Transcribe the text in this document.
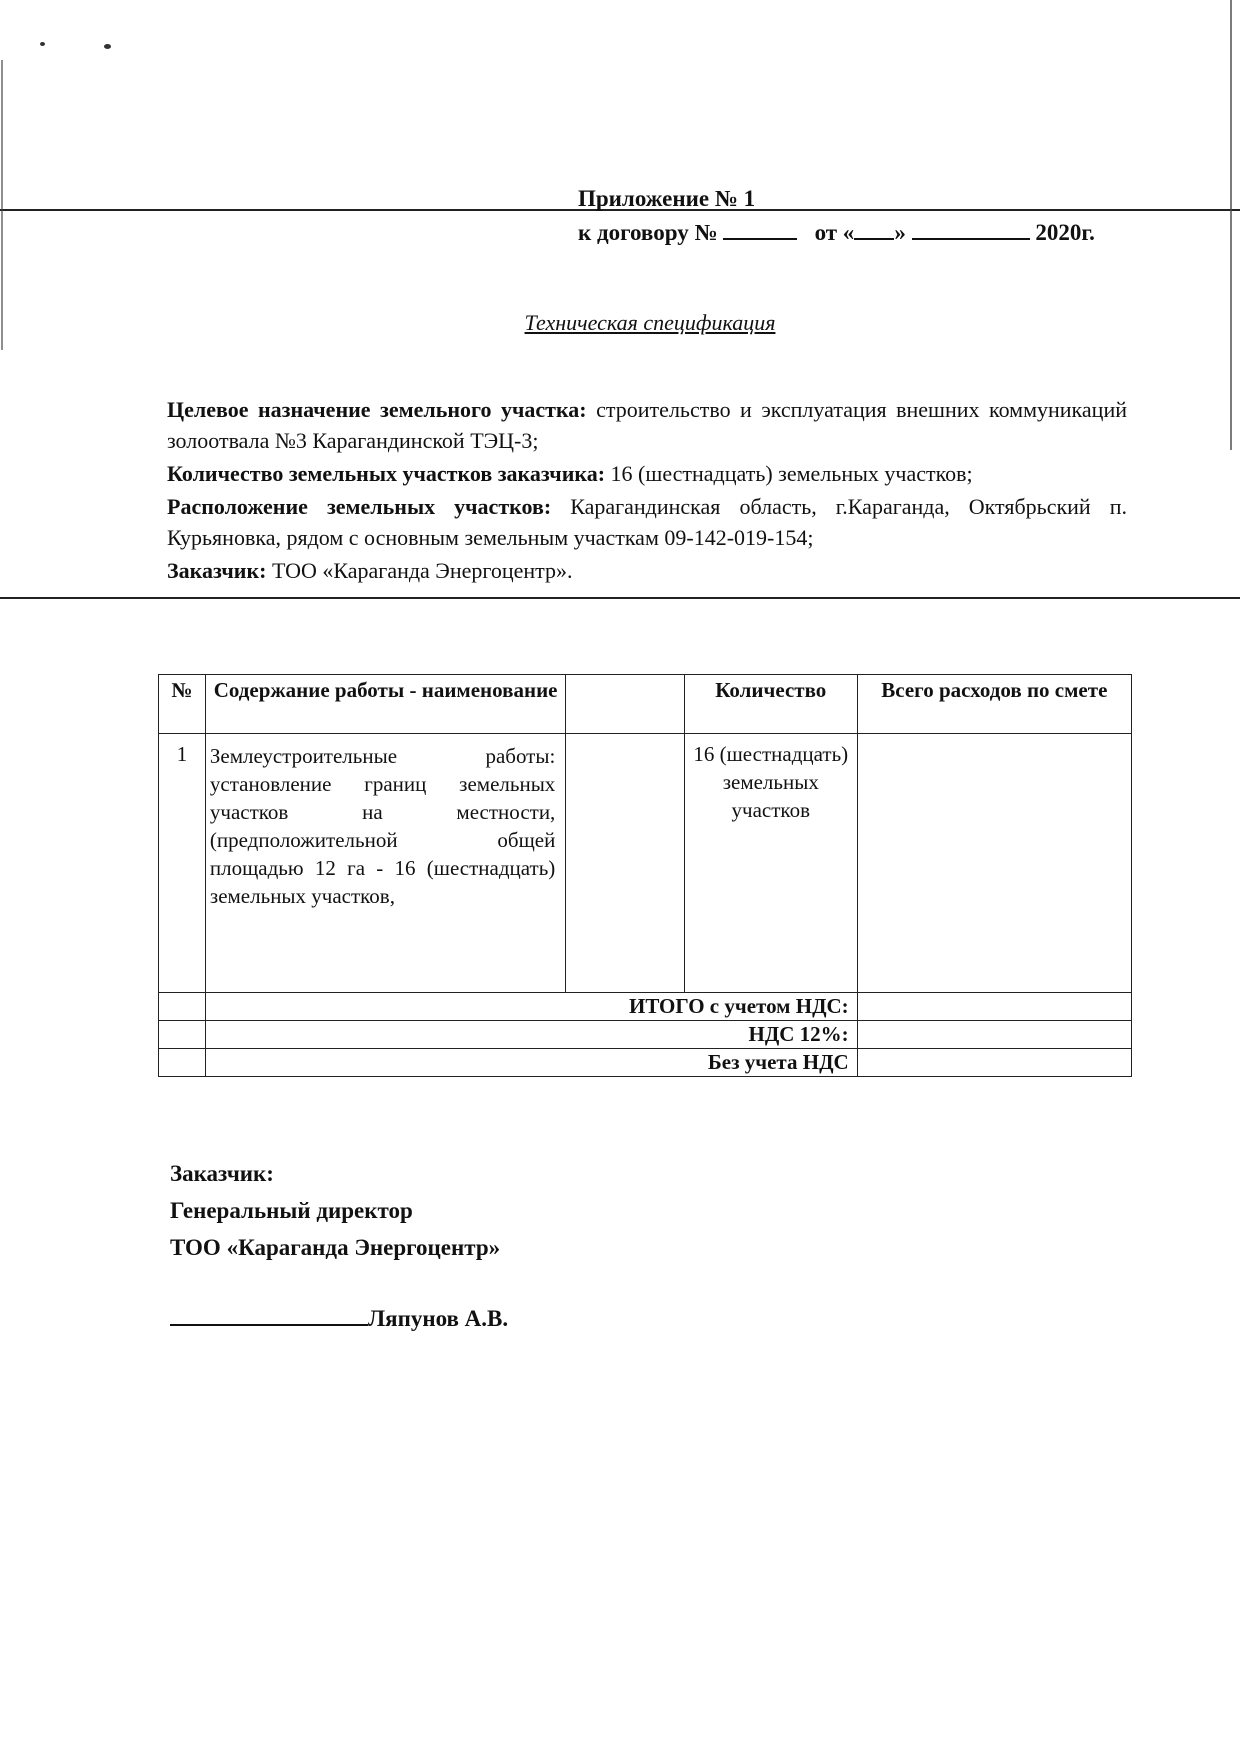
Приложение № 1
к договору №	от « »	2020г.
Техническая спецификация

Целевое назначение земельного участка: строительство и эксплуатация внешних коммуникаций золоотвала №3 Карагандинской ТЭЦ-3;

Количество земельных участков заказчика: 16 (шестнадцать) земельных участков;

Расположение земельных участков: Карагандинская область, г.Караганда, Октябрьский п. Курьяновка, рядом с основным земельным участкам 09-142-019-154;

Заказчик: ТОО «Караганда Энергоцентр».

№	Содержание работы - наименование		Количество	Всего расходов по смете
1	Землеустроительные работы: установление границ земельных участков на местности, (предположительной общей площадью 12 га - 16 (шестнадцать) земельных участков,		16 (шестнадцать) земельных участков	
	ИТОГО с учетом НДС:			
	НДС 12%:			
	Без учета НДС			
Заказчик:
Генеральный директор
ТОО «Караганда Энергоцентр»
Ляпунов А.В.
